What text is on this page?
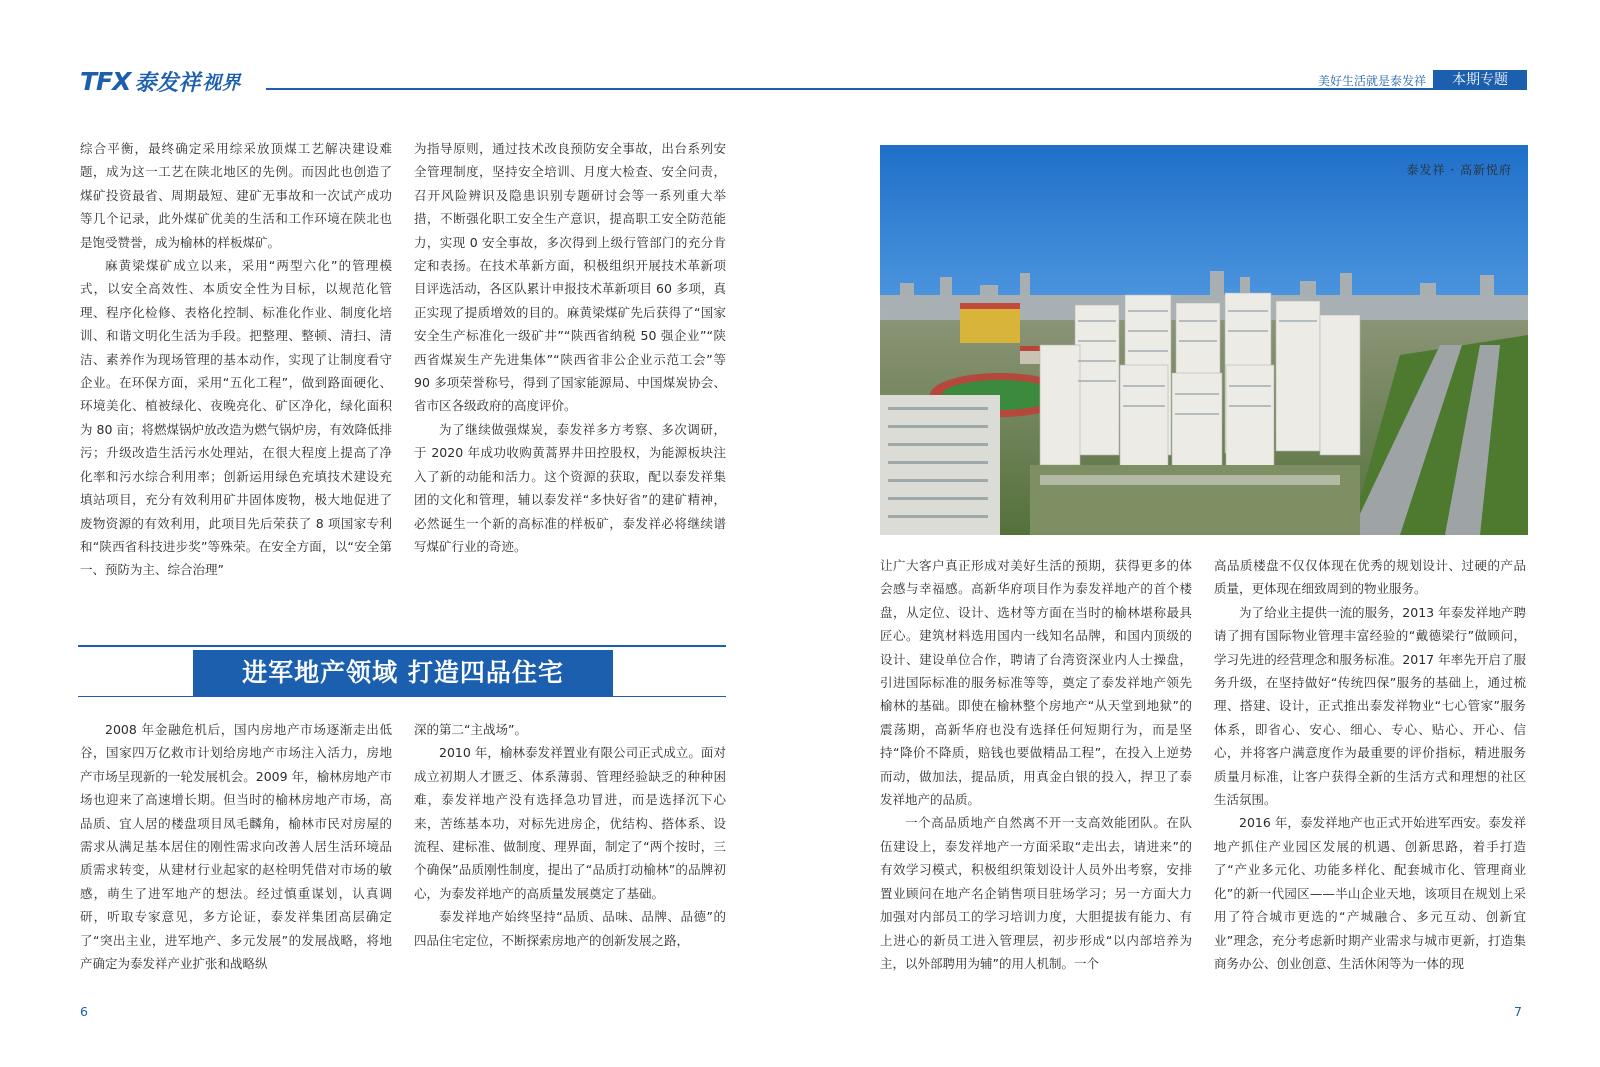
TFX 泰发祥 视界	美好生活就是泰发祥	本期专题

综合平衡，最终确定采用综采放顶煤工艺解决建设难题，成为这一工艺在陕北地区的先例。而因此也创造了煤矿投资最省、周期最短、建矿无事故和一次试产成功等几个记录，此外煤矿优美的生活和工作环境在陕北也是饱受赞誉，成为榆林的样板煤矿。

麻黄梁煤矿成立以来，采用“两型六化”的管理模式，以安全高效性、本质安全性为目标，以规范化管理、程序化检修、表格化控制、标准化作业、制度化培训、和谐文明化生活为手段。把整理、整顿、清扫、清洁、素养作为现场管理的基本动作，实现了让制度看守企业。在环保方面，采用“五化工程”，做到路面硬化、环境美化、植被绿化、夜晚亮化、矿区净化，绿化面积为 80 亩；将燃煤锅炉放改造为燃气锅炉房，有效降低排污；升级改造生活污水处理站，在很大程度上提高了净化率和污水综合利用率；创新运用绿色充填技术建设充填站项目，充分有效利用矿井固体废物，极大地促进了废物资源的有效利用，此项目先后荣获了 8 项国家专利和“陕西省科技进步奖”等殊荣。在安全方面，以“安全第一、预防为主、综合治理”

为指导原则，通过技术改良预防安全事故，出台系列安全管理制度，坚持安全培训、月度大检查、安全问责，召开风险辨识及隐患识别专题研讨会等一系列重大举措，不断强化职工安全生产意识，提高职工安全防范能力，实现 0 安全事故，多次得到上级行管部门的充分肯定和表扬。在技术革新方面，积极组织开展技术革新项目评选活动，各区队累计申报技术革新项目 60 多项，真正实现了提质增效的目的。麻黄梁煤矿先后获得了“国家安全生产标准化一级矿井”“陕西省纳税 50 强企业”“陕西省煤炭生产先进集体”“陕西省非公企业示范工会”等 90 多项荣誉称号，得到了国家能源局、中国煤炭协会、省市区各级政府的高度评价。

为了继续做强煤炭，泰发祥多方考察、多次调研，于 2020 年成功收购黄蒿界井田控股权，为能源板块注入了新的动能和活力。这个资源的获取，配以泰发祥集团的文化和管理，辅以泰发祥“多快好省”的建矿精神，必然诞生一个新的高标准的样板矿，泰发祥必将继续谱写煤矿行业的奇迹。

进军地产领域 打造四品住宅

2008 年金融危机后，国内房地产市场逐渐走出低谷，国家四万亿救市计划给房地产市场注入活力，房地产市场呈现新的一轮发展机会。2009 年，榆林房地产市场也迎来了高速增长期。但当时的榆林房地产市场，高品质、宜人居的楼盘项目凤毛麟角，榆林市民对房屋的需求从满足基本居住的刚性需求向改善人居生活环境品质需求转变，从建材行业起家的赵栓明凭借对市场的敏感，萌生了进军地产的想法。经过慎重谋划，认真调研，听取专家意见，多方论证，泰发祥集团高层确定了“突出主业，进军地产、多元发展”的发展战略，将地产确定为泰发祥产业扩张和战略纵

深的第二“主战场”。

2010 年，榆林泰发祥置业有限公司正式成立。面对成立初期人才匮乏、体系薄弱、管理经验缺乏的种种困难，泰发祥地产没有选择急功冒进，而是选择沉下心来，苦练基本功，对标先进房企，优结构、搭体系、设流程、建标准、做制度、理界面，制定了“两个按时，三个确保”品质刚性制度，提出了“品质打动榆林”的品牌初心，为泰发祥地产的高质量发展奠定了基础。

泰发祥地产始终坚持“品质、品味、品牌、品德”的四品住宅定位，不断探索房地产的创新发展之路，

6
泰发祥 · 高新悦府

让广大客户真正形成对美好生活的预期，获得更多的体会感与幸福感。高新华府项目作为泰发祥地产的首个楼盘，从定位、设计、选材等方面在当时的榆林堪称最具匠心。建筑材料选用国内一线知名品牌，和国内顶级的设计、建设单位合作，聘请了台湾资深业内人士操盘，引进国际标准的服务标准等等，奠定了泰发祥地产领先榆林的基础。即使在榆林整个房地产“从天堂到地狱”的震荡期，高新华府也没有选择任何短期行为，而是坚持“降价不降质，赔钱也要做精品工程”，在投入上逆势而动，做加法，提品质，用真金白银的投入，捍卫了泰发祥地产的品质。

一个高品质地产自然离不开一支高效能团队。在队伍建设上，泰发祥地产一方面采取“走出去，请进来”的有效学习模式，积极组织策划设计人员外出考察，安排置业顾问在地产名企销售项目驻场学习；另一方面大力加强对内部员工的学习培训力度，大胆提拔有能力、有上进心的新员工进入管理层，初步形成“以内部培养为主，以外部聘用为辅”的用人机制。一个

高品质楼盘不仅仅体现在优秀的规划设计、过硬的产品质量，更体现在细致周到的物业服务。

为了给业主提供一流的服务，2013 年泰发祥地产聘请了拥有国际物业管理丰富经验的“戴德梁行”做顾问，学习先进的经营理念和服务标准。2017 年率先开启了服务升级，在坚持做好“传统四保”服务的基础上，通过梳理、搭建、设计，正式推出泰发祥物业“七心管家”服务体系，即省心、安心、细心、专心、贴心、开心、信心，并将客户满意度作为最重要的评价指标，精进服务质量月标准，让客户获得全新的生活方式和理想的社区生活氛围。

2016 年，泰发祥地产也正式开始进军西安。泰发祥地产抓住产业园区发展的机遇、创新思路，着手打造了“产业多元化、功能多样化、配套城市化、管理商业化”的新一代园区——半山企业天地，该项目在规划上采用了符合城市更选的“产城融合、多元互动、创新宜业”理念，充分考虑新时期产业需求与城市更新，打造集商务办公、创业创意、生活休闲等为一体的现

7
